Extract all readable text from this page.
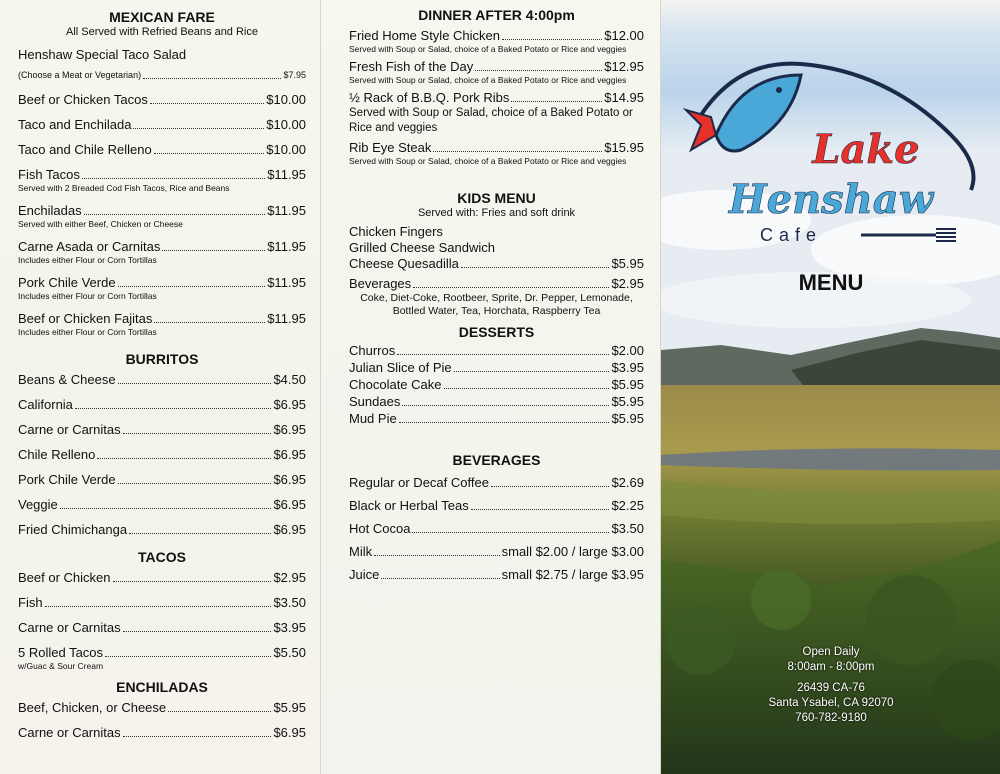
MEXICAN FARE
All Served with Refried Beans and Rice
Henshaw Special Taco Salad
(Choose a Meat or Vegetarian)	$7.95
Beef or Chicken Tacos	$10.00
Taco and Enchilada	$10.00
Taco and Chile Relleno	$10.00
Fish Tacos	$11.95
Served with 2 Breaded Cod Fish Tacos, Rice and Beans
Enchiladas	$11.95
Served with either Beef, Chicken or Cheese
Carne Asada or Carnitas	$11.95
Includes either Flour or Corn Tortillas
Pork Chile Verde	$11.95
Includes either Flour or Corn Tortillas
Beef or Chicken Fajitas	$11.95
Includes either Flour or Corn Tortillas
BURRITOS
Beans & Cheese	$4.50
California	$6.95
Carne or Carnitas	$6.95
Chile Relleno	$6.95
Pork Chile Verde	$6.95
Veggie	$6.95
Fried Chimichanga	$6.95
TACOS
Beef or Chicken	$2.95
Fish	$3.50
Carne or Carnitas	$3.95
5 Rolled Tacos	$5.50
w/Guac & Sour Cream
ENCHILADAS
Beef, Chicken, or Cheese	$5.95
Carne or Carnitas	$6.95
DINNER AFTER 4:00pm
Fried Home Style Chicken	$12.00
Served with Soup or Salad, choice of a Baked Potato or Rice and veggies
Fresh Fish of the Day	$12.95
Served with Soup or Salad, choice of a Baked Potato or Rice and veggies
½ Rack of B.B.Q. Pork Ribs	$14.95
Served with Soup or Salad, choice of a Baked Potato or Rice and veggies
Rib Eye Steak	$15.95
Served with Soup or Salad, choice of a Baked Potato or Rice and veggies
KIDS MENU
Served with: Fries and soft drink
Chicken Fingers
Grilled Cheese Sandwich
Cheese Quesadilla	$5.95
Beverages	$2.95
Coke, Diet-Coke, Rootbeer, Sprite, Dr. Pepper, Lemonade, Bottled Water, Tea, Horchata, Raspberry Tea
DESSERTS
Churros	$2.00
Julian Slice of Pie	$3.95
Chocolate Cake	$5.95
Sundaes	$5.95
Mud Pie	$5.95
BEVERAGES
Regular or Decaf Coffee	$2.69
Black or Herbal Teas	$2.25
Hot Cocoa	$3.50
Milk	small $2.00 / large $3.00
Juice	small $2.75 / large $3.95
Lake
Henshaw
Cafe
MENU
Open Daily
8:00am - 8:00pm
26439 CA-76
Santa Ysabel, CA 92070
760-782-9180
